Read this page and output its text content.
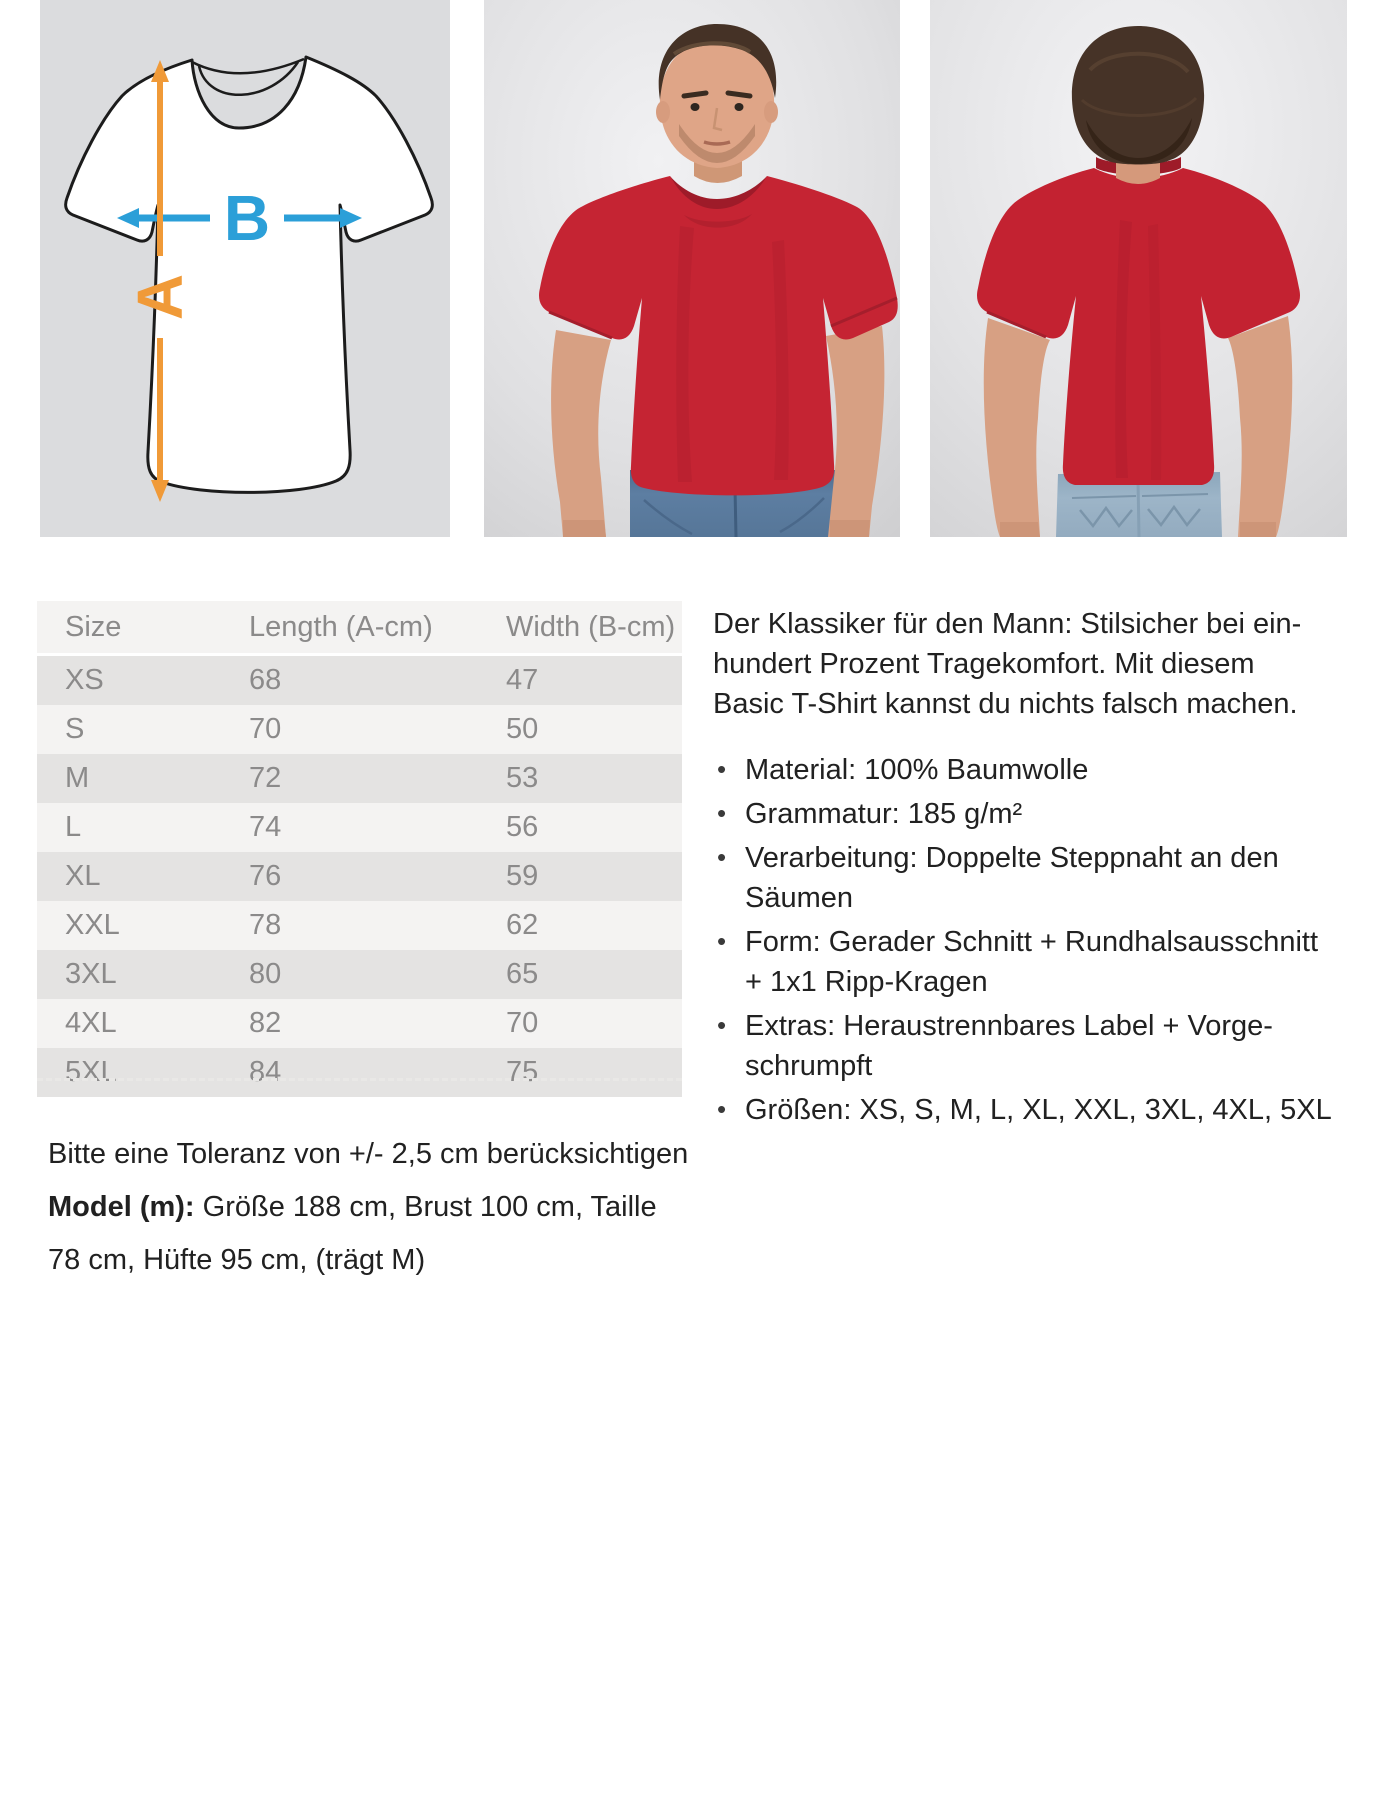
B
A
Size	Length (A-cm)	Width (B-cm)
XS	68	47
S	70	50
M	72	53
L	74	56
XL	76	59
XXL	78	62
3XL	80	65
4XL	82	70
5XL	84	75

Der Klassiker für den Mann: Stilsicher bei ein-
hundert Prozent Tragekomfort. Mit diesem
Basic T-Shirt kannst du nichts falsch machen.

• Material: 100% Baumwolle
• Grammatur: 185 g/m²
• Verarbeitung: Doppelte Steppnaht an den
Säumen
• Form: Gerader Schnitt + Rundhalsausschnitt
+ 1x1 Ripp-Kragen
• Extras: Heraustrennbares Label + Vorge-
schrumpft
• Größen: XS, S, M, L, XL, XXL, 3XL, 4XL, 5XL
Bitte eine Toleranz von +/- 2,5 cm berücksichtigen
Model (m): Größe 188 cm, Brust 100 cm, Taille
78 cm, Hüfte 95 cm, (trägt M)
